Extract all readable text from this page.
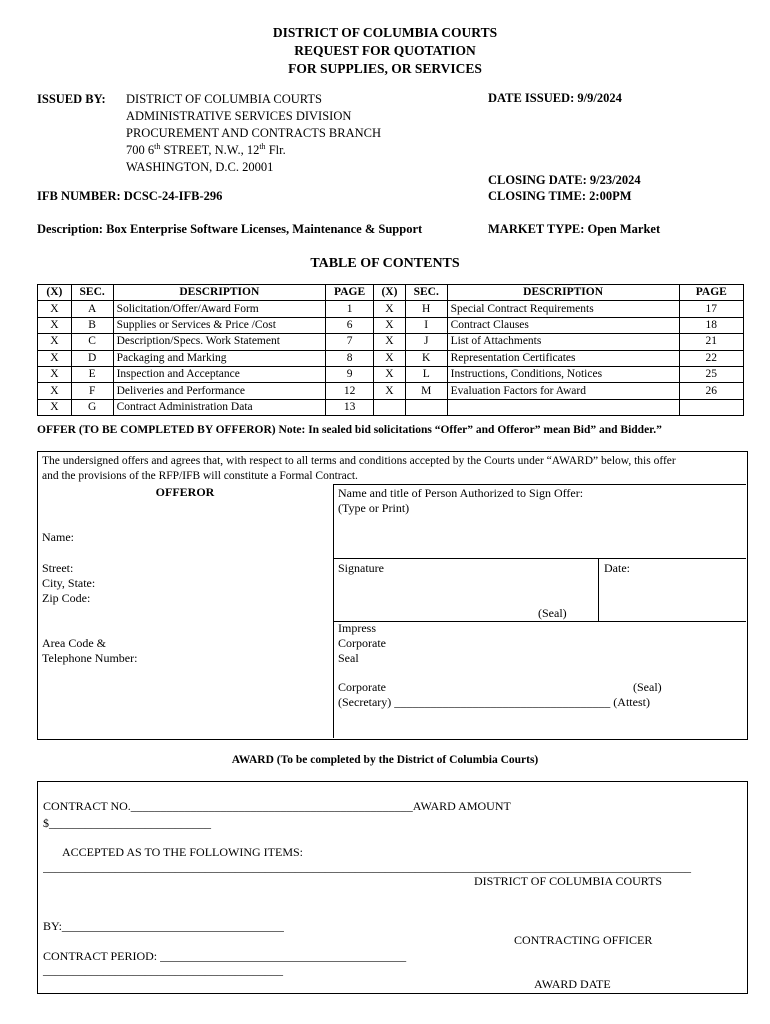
DISTRICT OF COLUMBIA COURTS
REQUEST FOR QUOTATION
FOR SUPPLIES, OR SERVICES
ISSUED BY: DISTRICT OF COLUMBIA COURTS
ADMINISTRATIVE SERVICES DIVISION
PROCUREMENT AND CONTRACTS BRANCH
700 6th STREET, N.W., 12th Flr.
WASHINGTON, D.C. 20001
DATE ISSUED: 9/9/2024
CLOSING DATE: 9/23/2024
CLOSING TIME: 2:00PM
IFB NUMBER: DCSC-24-IFB-296
Description: Box Enterprise Software Licenses, Maintenance & Support	MARKET TYPE: Open Market
TABLE OF CONTENTS
(X)	SEC.	DESCRIPTION	PAGE	(X)	SEC.	DESCRIPTION	PAGE
X	A	Solicitation/Offer/Award Form	1	X	H	Special Contract Requirements	17
X	B	Supplies or Services & Price /Cost	6	X	I	Contract Clauses	18
X	C	Description/Specs. Work Statement	7	X	J	List of Attachments	21
X	D	Packaging and Marking	8	X	K	Representation Certificates	22
X	E	Inspection and Acceptance	9	X	L	Instructions, Conditions, Notices	25
X	F	Deliveries and Performance	12	X	M	Evaluation Factors for Award	26
X	G	Contract Administration Data	13				
OFFER (TO BE COMPLETED BY OFFEROR) Note: In sealed bid solicitations “Offer” and Offeror” mean Bid” and Bidder.”
The undersigned offers and agrees that, with respect to all terms and conditions accepted by the Courts under “AWARD” below, this offer
and the provisions of the RFP/IFB will constitute a Formal Contract.
OFFEROR	Name and title of Person Authorized to Sign Offer:
(Type or Print)
Name:
Street:
City, State:
Zip Code:
Area Code &
Telephone Number:
Signature	Date:
(Seal)
Impress
Corporate
Seal
Corporate	(Seal)
(Secretary) ____________________________________ (Attest)
AWARD (To be completed by the District of Columbia Courts)
CONTRACT NO._______________________________________________AWARD AMOUNT
$___________________________
ACCEPTED AS TO THE FOLLOWING ITEMS:
____________________________________________________________________________________________________________
DISTRICT OF COLUMBIA COURTS
BY:_____________________________________
CONTRACTING OFFICER
CONTRACT PERIOD: _________________________________________
________________________________________
AWARD DATE
